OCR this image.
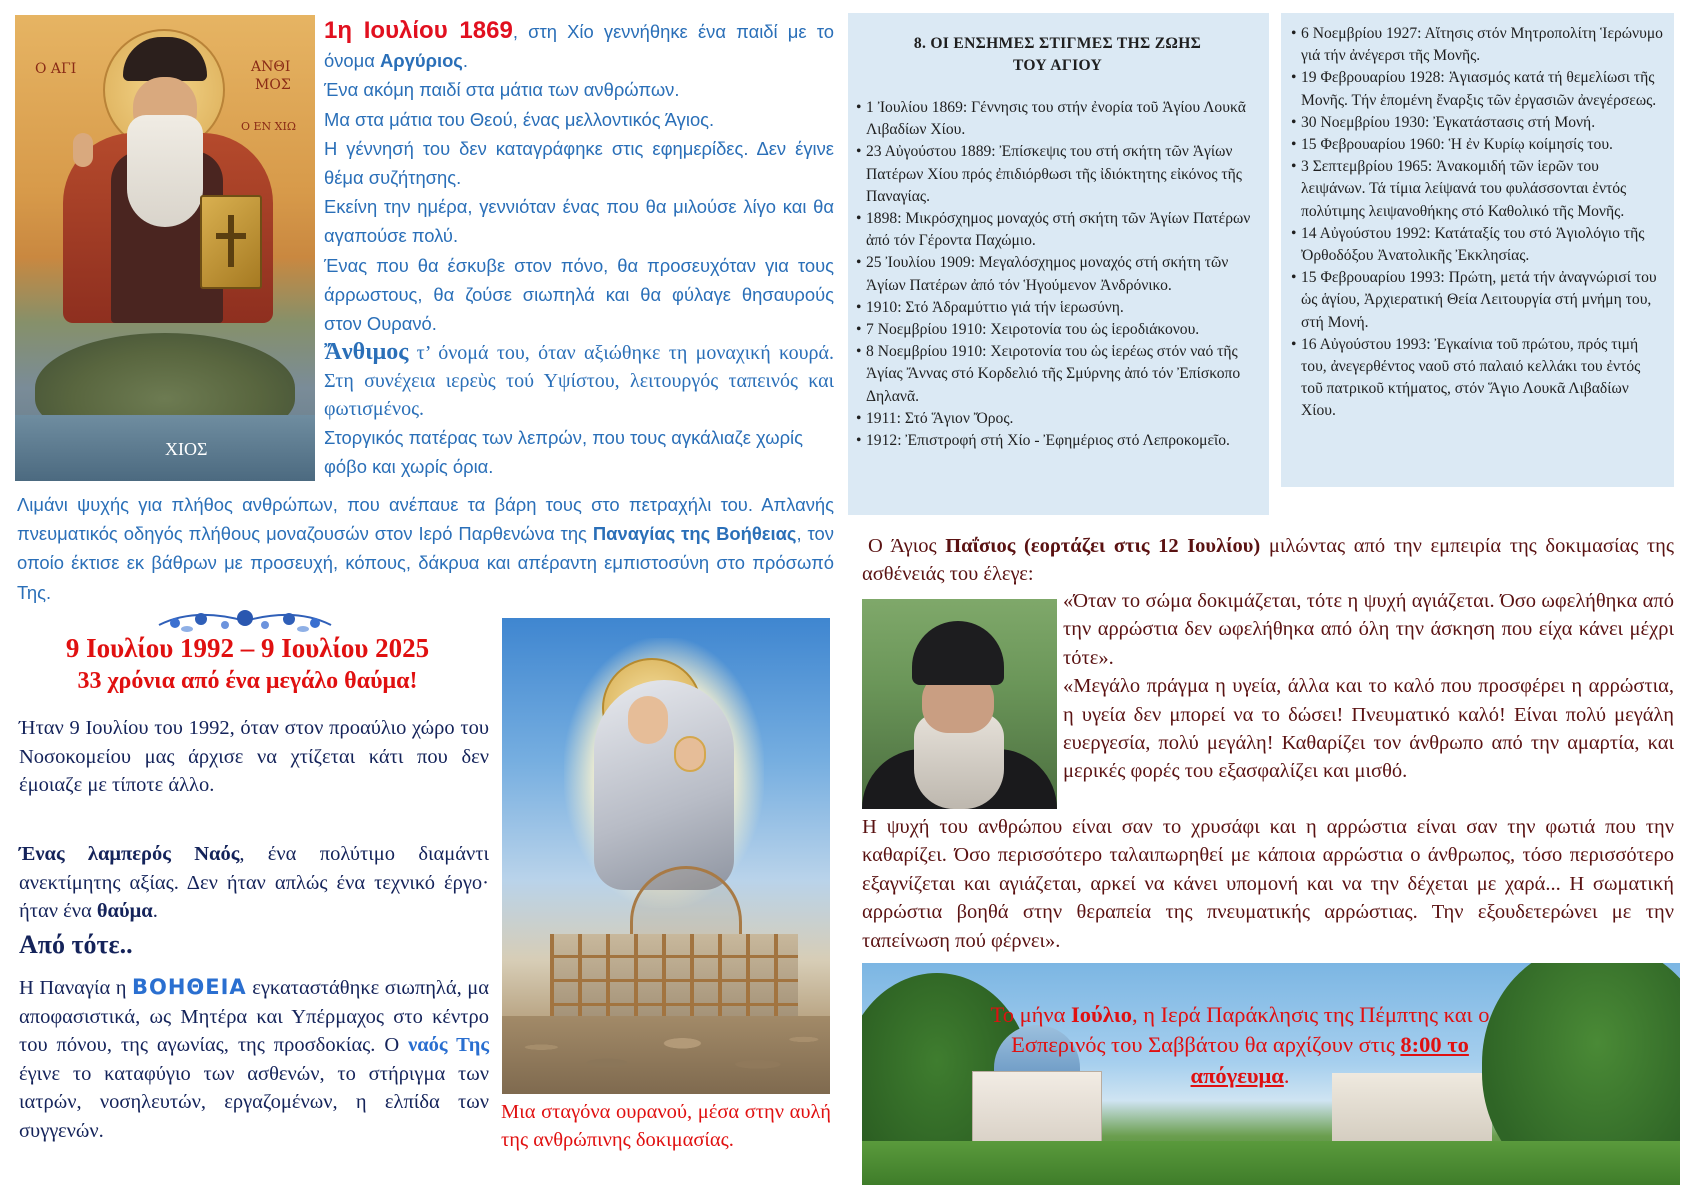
Ο ΑΓΙ	ΑΝΘΙ
ΜΟΣ
Ο ΕΝ ΧΙΩ
ΧΙΟΣ

1η Ιουλίου 1869, στη Χίο γεννήθηκε ένα παιδί με το όνομα Αργύριος.

Ένα ακόμη παιδί στα μάτια των ανθρώπων.

Μα στα μάτια του Θεού, ένας μελλοντικός Άγιος.

Η γέννησή του δεν καταγράφηκε στις εφημερίδες. Δεν έγινε θέμα συζήτησης.

Εκείνη την ημέρα, γεννιόταν ένας που θα μιλούσε λίγο και θα αγαπούσε πολύ.

Ένας που θα έσκυβε στον πόνο, θα προσευχόταν για τους άρρωστους, θα ζούσε σιωπηλά και θα φύλαγε θησαυρούς στον Ουρανό.

Ἄνθιμος τ’ όνομά του, όταν αξιώθηκε τη μοναχική κουρά. Στη συνέχεια ιερεὺς τού Υψίστου, λειτουργός ταπεινός και φωτισμένος.

Στοργικός πατέρας των λεπρών, που τους αγκάλιαζε χωρίς φόβο και χωρίς όρια.

Λιμάνι ψυχής για πλήθος ανθρώπων, που ανέπαυε τα βάρη τους στο πετραχήλι του. Απλανής πνευματικός οδηγός πλήθους μοναζουσών στον Ιερό Παρθενώνα της Παναγίας της Βοήθειας, τον οποίο έκτισε εκ βάθρων με προσευχή, κόπους, δάκρυα και απέραντη εμπιστοσύνη στο πρόσωπό Της.
9 Ιουλίου 1992 – 9 Ιουλίου 2025
33 χρόνια από ένα μεγάλο θαύμα!
Ήταν 9 Ιουλίου του 1992, όταν στον προαύλιο χώρο του Νοσοκομείου μας άρχισε να χτίζεται κάτι που δεν έμοιαζε με τίποτε άλλο.
Ένας λαμπερός Ναός, ένα πολύτιμο διαμάντι ανεκτίμητης αξίας. Δεν ήταν απλώς ένα τεχνικό έργο· ήταν ένα θαύμα.
Από τότε..
Η Παναγία η ΒΟΗΘΕΙΑ εγκαταστάθηκε σιωπηλά, μα αποφασιστικά, ως Μητέρα και Υπέρμαχος στο κέντρο του πόνου, της αγωνίας, της προσδοκίας. Ο ναός Της έγινε το καταφύγιο των ασθενών, το στήριγμα των ιατρών, νοσηλευτών, εργαζομένων, η ελπίδα των συγγενών.
Μια σταγόνα ουρανού, μέσα στην αυλή της ανθρώπινης δοκιμασίας.
8. ΟΙ ΕΝΣΗΜΕΣ ΣΤΙΓΜΕΣ ΤΗΣ ΖΩΗΣ
ΤΟΥ ΑΓΙΟΥ
• 1 Ἰουλίου 1869: Γέννησις του στήν ἐνορία τοῦ Ἁγίου Λουκᾶ Λιβαδίων Χίου.
• 23 Αὐγούστου 1889: Ἐπίσκεψις του στή σκήτη τῶν Ἁγίων Πατέρων Χίου πρός ἐπιδιόρθωσι τῆς ἰδιόκτητης εἰκόνος τῆς Παναγίας.
• 1898: Μικρόσχημος μοναχός στή σκήτη τῶν Ἁγίων Πατέρων ἀπό τόν Γέροντα Παχώμιο.
• 25 Ἰουλίου 1909: Μεγαλόσχημος μοναχός στή σκήτη τῶν Ἁγίων Πατέρων ἀπό τόν Ἡγούμενον Ἀνδρόνικο.
• 1910: Στό Ἀδραμύττιο γιά τήν ἱερωσύνη.
• 7 Νοεμβρίου 1910: Χειροτονία του ὡς ἱεροδιάκονου.
• 8 Νοεμβρίου 1910: Χειροτονία του ὡς ἱερέως στόν ναό τῆς Ἁγίας Ἄννας στό Κορδελιό τῆς Σμύρνης ἀπό τόν Ἐπίσκοπο Δηλανᾶ.
• 1911: Στό Ἅγιον Ὄρος.
• 1912: Ἐπιστροφή στή Χίο - Ἐφημέριος στό Λεπροκομεῖο.
• 6 Νοεμβρίου 1927: Αἴτησις στόν Μητροπολίτη Ἱερώνυμο γιά τήν ἀνέγερσι τῆς Μονῆς.
• 19 Φεβρουαρίου 1928: Ἁγιασμός κατά τή θεμελίωσι τῆς Μονῆς. Τήν ἑπομένη ἔναρξις τῶν ἐργασιῶν ἀνεγέρσεως.
• 30 Νοεμβρίου 1930: Ἐγκατάστασις στή Μονή.
• 15 Φεβρουαρίου 1960: Ἡ ἐν Κυρίῳ κοίμησίς του.
• 3 Σεπτεμβρίου 1965: Ἀνακομιδή τῶν ἱερῶν του λειψάνων. Τά τίμια λείψανά του φυλάσσονται ἐντός πολύτιμης λειψανοθήκης στό Καθολικό τῆς Μονῆς.
• 14 Αὐγούστου 1992: Κατάταξίς του στό Ἁγιολόγιο τῆς Ὀρθοδόξου Ἀνατολικῆς Ἐκκλησίας.
• 15 Φεβρουαρίου 1993: Πρώτη, μετά τήν ἀναγνώρισί του ὡς ἁγίου, Ἀρχιερατική Θεία Λειτουργία στή μνήμη του, στή Μονή.
• 16 Αὐγούστου 1993: Ἐγκαίνια τοῦ πρώτου, πρός τιμή του, ἀνεγερθέντος ναοῦ στό παλαιό κελλάκι του ἐντός τοῦ πατρικοῦ κτήματος, στόν Ἅγιο Λουκᾶ Λιβαδίων Χίου.
Ο Άγιος Παΐσιος (εορτάζει στις 12 Ιουλίου) μιλώντας από την εμπειρία της δοκιμασίας της ασθένειάς του έλεγε:
«Όταν το σώμα δοκιμάζεται, τότε η ψυχή αγιάζεται. Όσο ωφελήθηκα από την αρρώστια δεν ωφελήθηκα από όλη την άσκηση που είχα κάνει μέχρι τότε».
«Μεγάλο πράγμα η υγεία, άλλα και το καλό που προσφέρει η αρρώστια, η υγεία δεν μπορεί να το δώσει! Πνευματικό καλό! Είναι πολύ μεγάλη ευεργεσία, πολύ μεγάλη! Καθαρίζει τον άνθρωπο από την αμαρτία, και μερικές φορές του εξασφαλίζει και μισθό.
Η ψυχή του ανθρώπου είναι σαν το χρυσάφι και η αρρώστια είναι σαν την φωτιά που την καθαρίζει. Όσο περισσότερο ταλαιπωρηθεί με κάποια αρρώστια ο άνθρωπος, τόσο περισσότερο εξαγνίζεται και αγιάζεται, αρκεί να κάνει υπομονή και να την δέχεται με χαρά... Η σωματική αρρώστια βοηθά στην θεραπεία της πνευματικής αρρώστιας. Την εξουδετερώνει με την ταπείνωση πού φέρνει».
Το μήνα Ιούλιο, η Ιερά Παράκλησις της Πέμπτης και ο Εσπερινός του Σαββάτου θα αρχίζουν στις 8:00 το απόγευμα.
